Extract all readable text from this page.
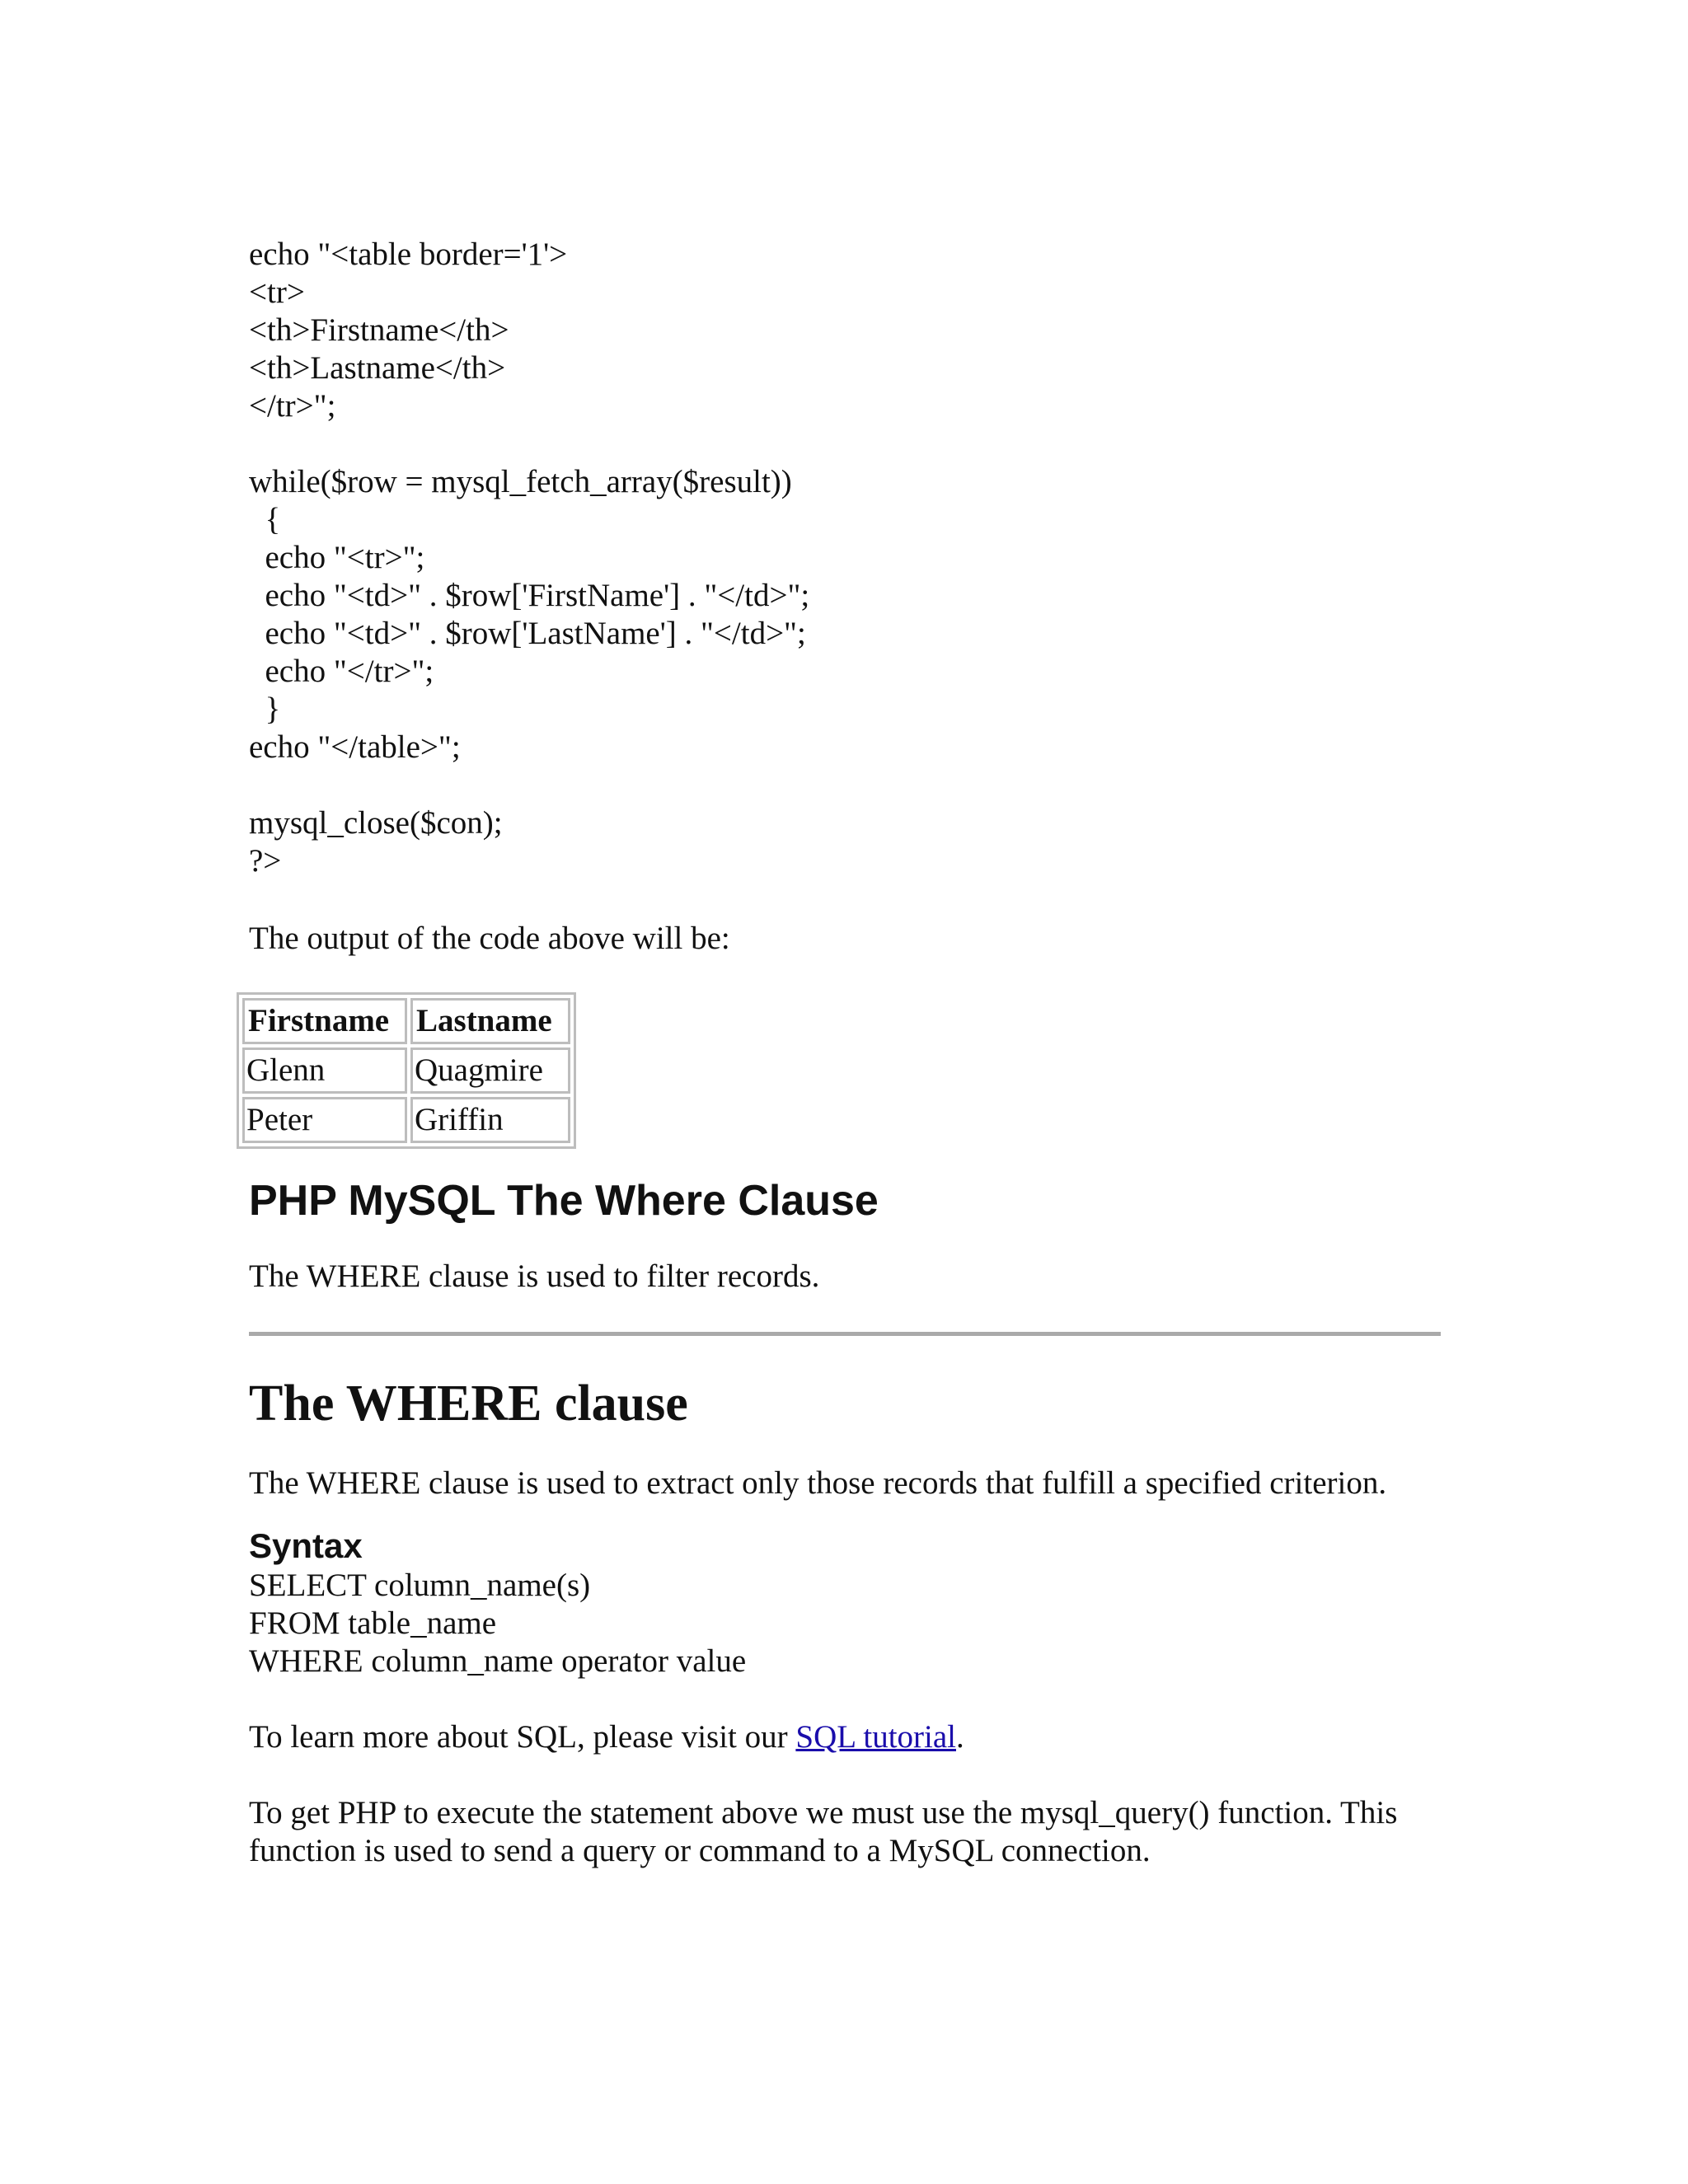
echo "<table border='1'>
<tr>
<th>Firstname</th>
<th>Lastname</th>
</tr>";

while($row = mysql_fetch_array($result))
{
echo "<tr>";
echo "<td>" . $row['FirstName'] . "</td>";
echo "<td>" . $row['LastName'] . "</td>";
echo "</tr>";
}
echo "</table>";

mysql_close($con);
?>

The output of the code above will be:

Firstname	Lastname
Glenn	Quagmire
Peter	Griffin
PHP MySQL The Where Clause

The WHERE clause is used to filter records.

The WHERE clause

The WHERE clause is used to extract only those records that fulfill a specified criterion.

Syntax
SELECT column_name(s)
FROM table_name
WHERE column_name operator value

To learn more about SQL, please visit our SQL tutorial.

To get PHP to execute the statement above we must use the mysql_query() function. This function is used to send a query or command to a MySQL connection.
